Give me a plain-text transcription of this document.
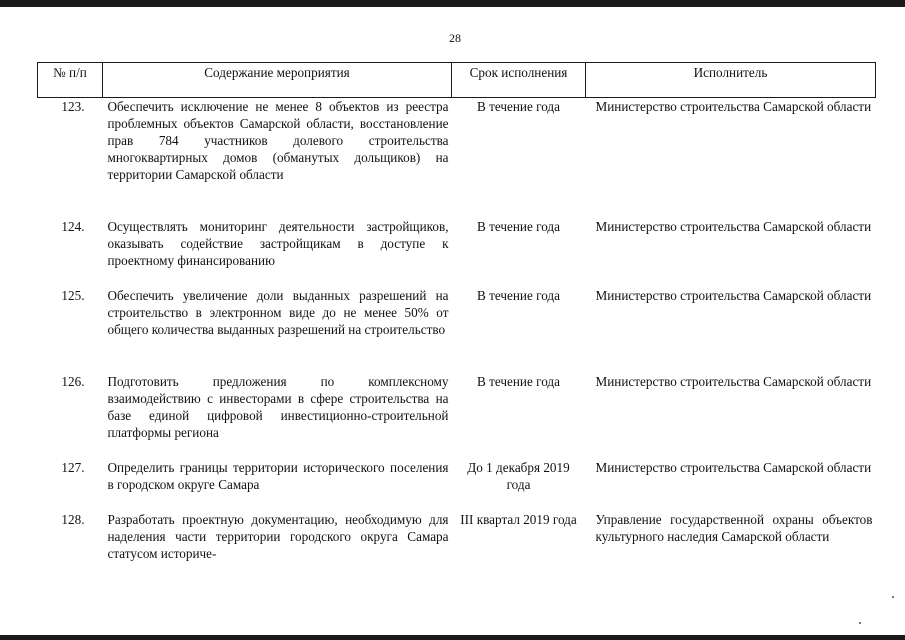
28
№ п/п	Содержание мероприятия	Срок исполнения	Исполнитель
123.	Обеспечить исключение не менее 8 объектов из реестра проблемных объектов Самарской области, восстановление прав 784 участников долевого строительства многоквартирных домов (обманутых дольщиков) на территории Самарской области	В течение года	Министерство строительства Самарской области
124.	Осуществлять мониторинг деятельности застройщиков, оказывать содействие застройщикам в доступе к проектному финансированию	В течение года	Министерство строительства Самарской области
125.	Обеспечить увеличение доли выданных разрешений на строительство в электронном виде до не менее 50% от общего количества выданных разрешений на строительство	В течение года	Министерство строительства Самарской области
126.	Подготовить предложения по комплексному взаимодействию с инвесторами в сфере строительства на базе единой цифровой инвестиционно-строительной платформы региона	В течение года	Министерство строительства Самарской области
127.	Определить границы территории исторического поселения в городском округе Самара	До 1 декабря 2019 года	Министерство строительства Самарской области
128.	Разработать проектную документацию, необходимую для наделения части территории городского округа Самара статусом историче-	III квартал 2019 года	Управление государственной охраны объектов культурного наследия Самарской области
